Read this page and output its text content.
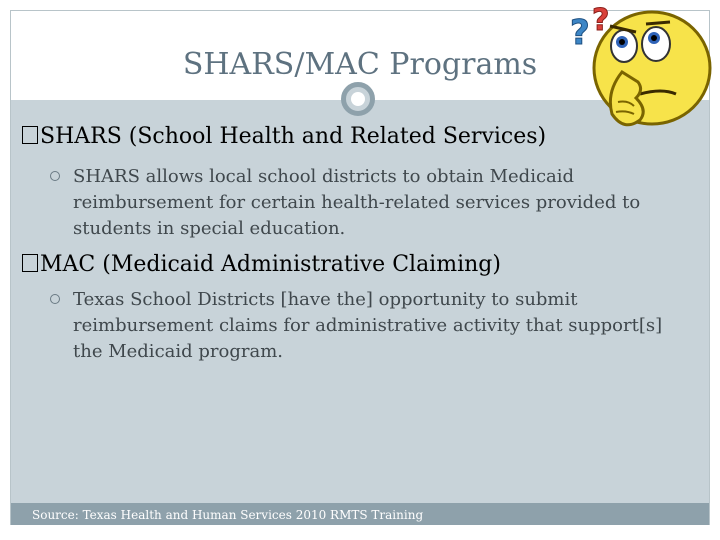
SHARS/MAC Programs
SHARS (School Health and Related Services)
SHARS allows local school districts to obtain Medicaid reimbursement for certain health-related services provided to students in special education.
MAC (Medicaid Administrative Claiming)
Texas School Districts [have the] opportunity to submit reimbursement claims for administrative activity that support[s] the Medicaid program.
Source: Texas Health and Human Services 2010 RMTS Training
? ?
